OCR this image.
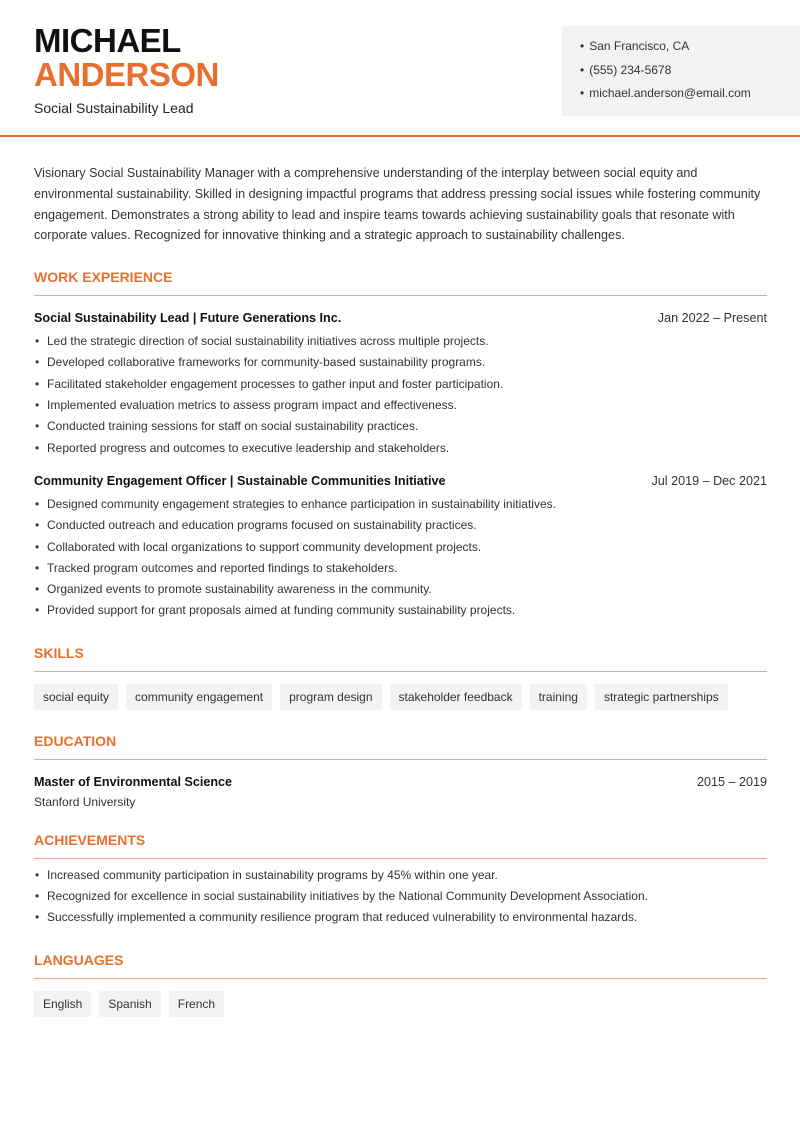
MICHAEL
ANDERSON
Social Sustainability Lead
• San Francisco, CA
• (555) 234-5678
• michael.anderson@email.com

Visionary Social Sustainability Manager with a comprehensive understanding of the interplay between social equity and environmental sustainability. Skilled in designing impactful programs that address pressing social issues while fostering community engagement. Demonstrates a strong ability to lead and inspire teams towards achieving sustainability goals that resonate with corporate values. Recognized for innovative thinking and a strategic approach to sustainability challenges.

WORK EXPERIENCE
Social Sustainability Lead | Future Generations Inc.	Jan 2022 – Present
• Led the strategic direction of social sustainability initiatives across multiple projects.
• Developed collaborative frameworks for community-based sustainability programs.
• Facilitated stakeholder engagement processes to gather input and foster participation.
• Implemented evaluation metrics to assess program impact and effectiveness.
• Conducted training sessions for staff on social sustainability practices.
• Reported progress and outcomes to executive leadership and stakeholders.
Community Engagement Officer | Sustainable Communities Initiative	Jul 2019 – Dec 2021
• Designed community engagement strategies to enhance participation in sustainability initiatives.
• Conducted outreach and education programs focused on sustainability practices.
• Collaborated with local organizations to support community development projects.
• Tracked program outcomes and reported findings to stakeholders.
• Organized events to promote sustainability awareness in the community.
• Provided support for grant proposals aimed at funding community sustainability projects.
SKILLS
social equity	community engagement	program design	stakeholder feedback	training	strategic partnerships
EDUCATION
Master of Environmental Science	2015 – 2019
Stanford University
ACHIEVEMENTS
• Increased community participation in sustainability programs by 45% within one year.
• Recognized for excellence in social sustainability initiatives by the National Community Development Association.
• Successfully implemented a community resilience program that reduced vulnerability to environmental hazards.
LANGUAGES
English	Spanish	French
